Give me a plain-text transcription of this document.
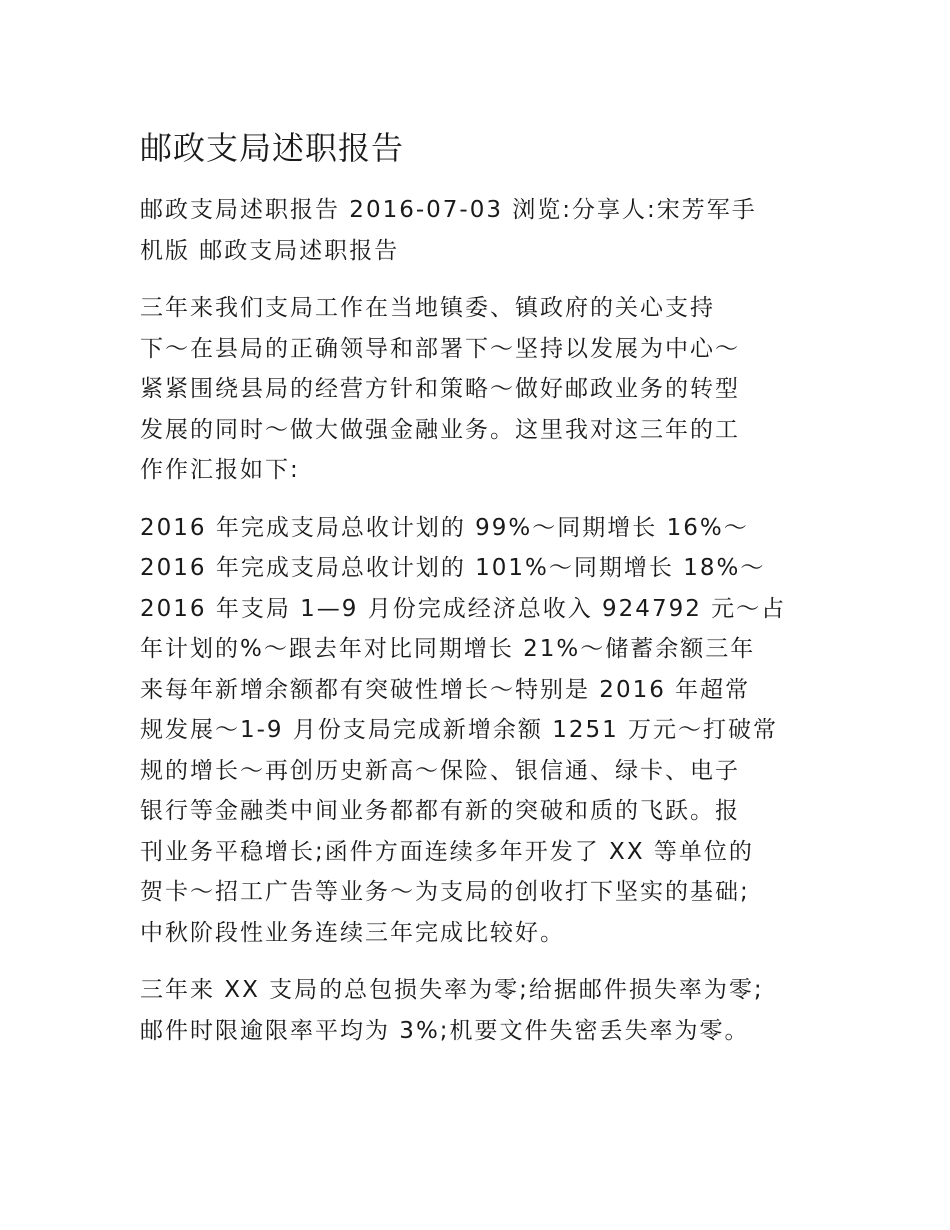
邮政支局述职报告

邮政支局述职报告 2016-07-03 浏览:分享人:宋芳军手
机版 邮政支局述职报告

三年来我们支局工作在当地镇委、镇政府的关心支持
下～在县局的正确领导和部署下～坚持以发展为中心～
紧紧围绕县局的经营方针和策略～做好邮政业务的转型
发展的同时～做大做强金融业务。这里我对这三年的工
作作汇报如下:

2016 年完成支局总收计划的 99%～同期增长 16%～
2016 年完成支局总收计划的 101%～同期增长 18%～
2016 年支局 1—9 月份完成经济总收入 924792 元～占
年计划的%～跟去年对比同期增长 21%～储蓄余额三年
来每年新增余额都有突破性增长～特别是 2016 年超常
规发展～1-9 月份支局完成新增余额 1251 万元～打破常
规的增长～再创历史新高～保险、银信通、绿卡、电子
银行等金融类中间业务都都有新的突破和质的飞跃。报
刊业务平稳增长;函件方面连续多年开发了 XX 等单位的
贺卡～招工广告等业务～为支局的创收打下坚实的基础;
中秋阶段性业务连续三年完成比较好。

三年来 XX 支局的总包损失率为零;给据邮件损失率为零;
邮件时限逾限率平均为 3%;机要文件失密丢失率为零。
